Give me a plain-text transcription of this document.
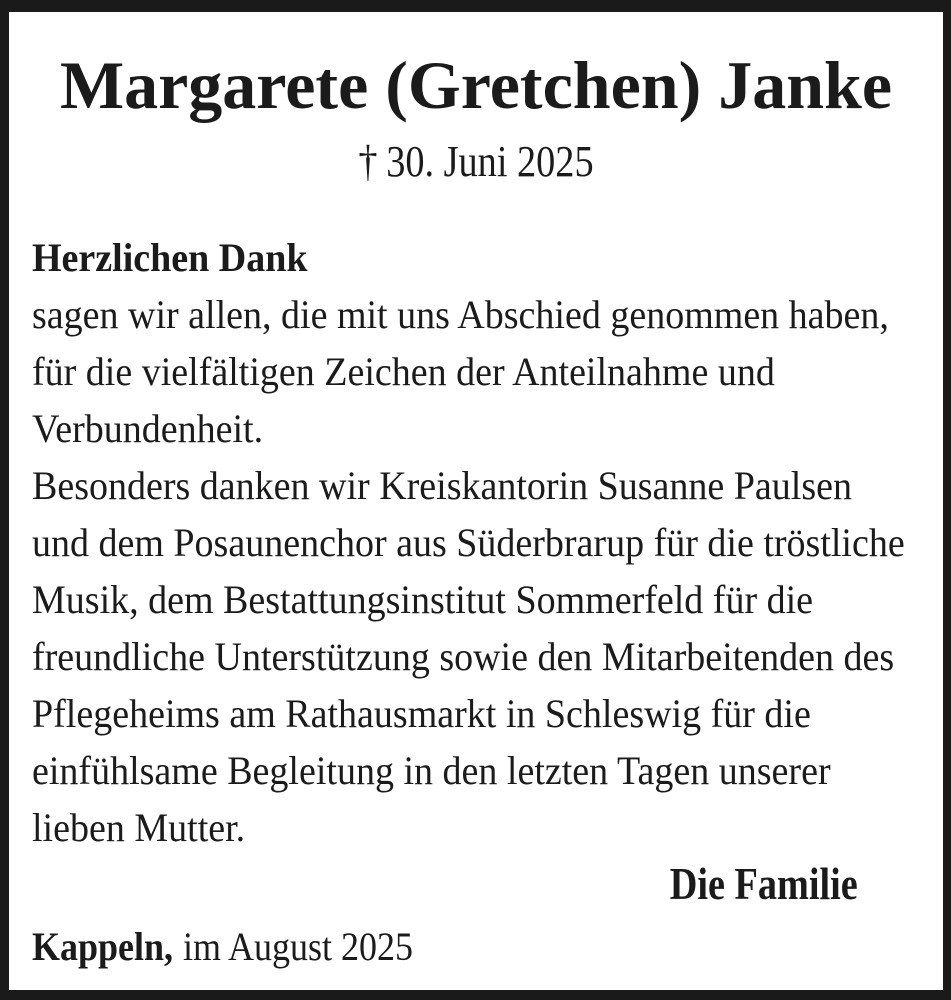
Margarete (Gretchen) Janke
† 30. Juni 2025
Herzlichen Dank
sagen wir allen, die mit uns Abschied genommen haben,
für die vielfältigen Zeichen der Anteilnahme und
Verbundenheit.
Besonders danken wir Kreiskantorin Susanne Paulsen
und dem Posaunenchor aus Süderbrarup für die tröstliche
Musik, dem Bestattungsinstitut Sommerfeld für die
freundliche Unterstützung sowie den Mitarbeitenden des
Pflegeheims am Rathausmarkt in Schleswig für die
einfühlsame Begleitung in den letzten Tagen unserer
lieben Mutter.
Die Familie
Kappeln, im August 2025
